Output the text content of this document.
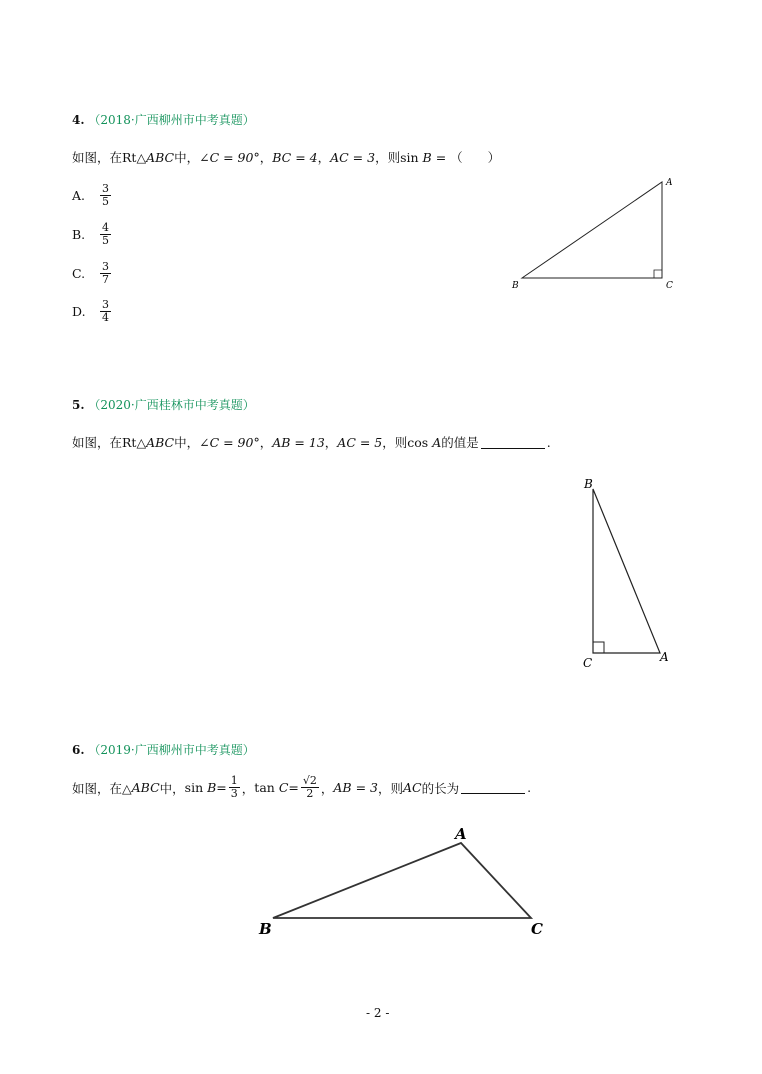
4. （2018·广西柳州市中考真题）
如图，在Rt△ABC中，∠C = 90°，BC = 4，AC = 3，则sin B = （　　）
A.	$\frac{3}{5}$
B.	$\frac{4}{5}$
C.	$\frac{3}{7}$
D.	$\frac{3}{4}$
A
B	C
5. （2020·广西桂林市中考真题）
如图，在Rt△ABC中，∠C = 90°，AB = 13，AC = 5，则cos A的值是	.
B
C	A
6. （2019·广西柳州市中考真题）
如图，在△ ABC 中， sin
$B = \frac{1}{3}$ ， tan
$C = \frac{√2}{2}$ ， AB = 3 ，则 AC 的长为	.
A
B	C
- 2 -
